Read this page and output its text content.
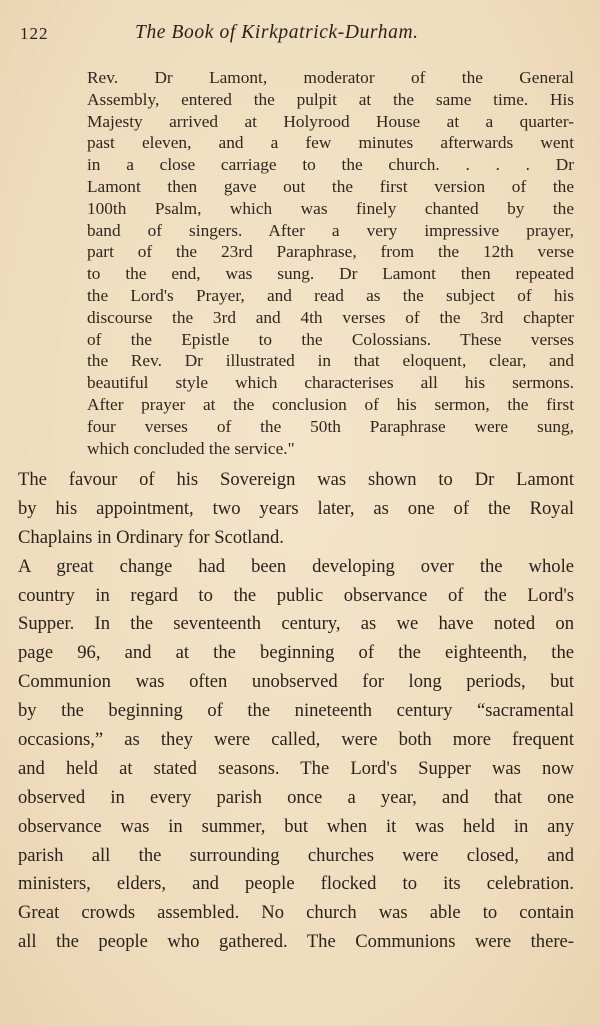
122	The Book of Kirkpatrick-Durham.
Rev. Dr Lamont, moderator of the General
Assembly, entered the pulpit at the same time. His
Majesty arrived at Holyrood House at a quarter-
past eleven, and a few minutes afterwards went
in a close carriage to the church. . . . Dr
Lamont then gave out the first version of the
100th Psalm, which was finely chanted by the
band of singers. After a very impressive prayer,
part of the 23rd Paraphrase, from the 12th verse
to the end, was sung. Dr Lamont then repeated
the Lord's Prayer, and read as the subject of his
discourse the 3rd and 4th verses of the 3rd chapter
of the Epistle to the Colossians. These verses
the Rev. Dr illustrated in that eloquent, clear, and
beautiful style which characterises all his sermons.
After prayer at the conclusion of his sermon, the first
four verses of the 50th Paraphrase were sung,
which concluded the service."
The favour of his Sovereign was shown to Dr Lamont
by his appointment, two years later, as one of the Royal
Chaplains in Ordinary for Scotland.
A great change had been developing over the whole
country in regard to the public observance of the Lord's
Supper. In the seventeenth century, as we have noted on
page 96, and at the beginning of the eighteenth, the
Communion was often unobserved for long periods, but
by the beginning of the nineteenth century “sacramental
occasions,” as they were called, were both more frequent
and held at stated seasons. The Lord's Supper was now
observed in every parish once a year, and that one
observance was in summer, but when it was held in any
parish all the surrounding churches were closed, and
ministers, elders, and people flocked to its celebration.
Great crowds assembled. No church was able to contain
all the people who gathered. The Communions were there-
